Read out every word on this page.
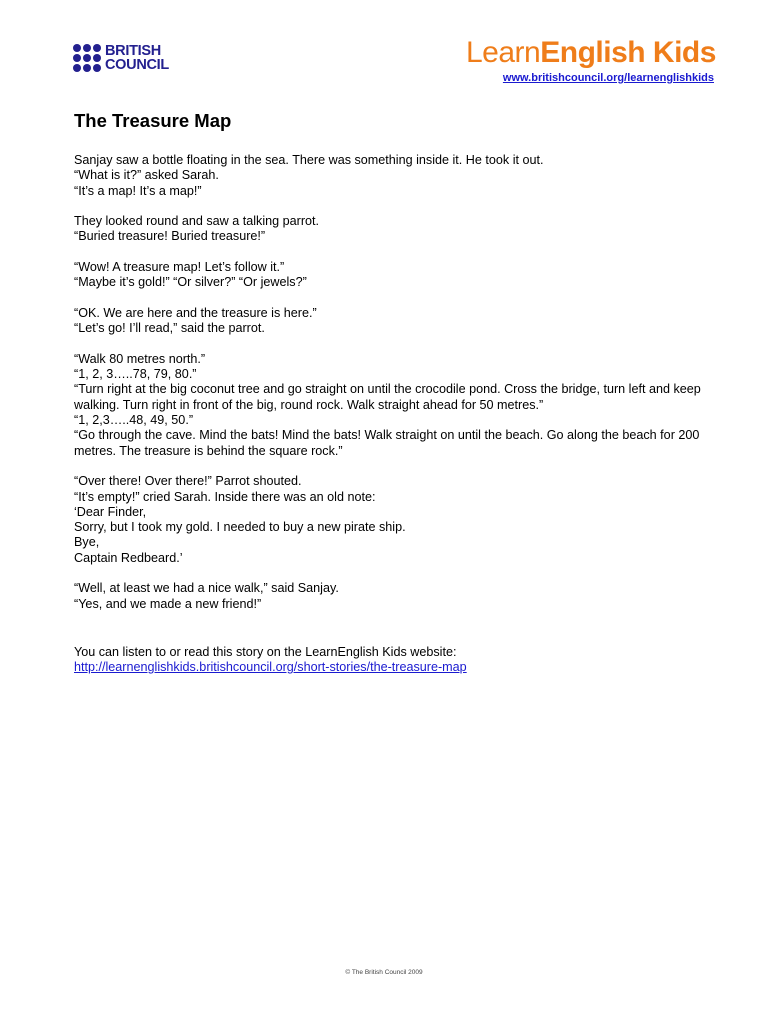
BRITISH
COUNCIL	LearnEnglish Kids
www.britishcouncil.org/learnenglishkids
The Treasure Map

Sanjay saw a bottle floating in the sea. There was something inside it. He took it out.
“What is it?” asked Sarah.
“It’s a map! It’s a map!”

They looked round and saw a talking parrot.
“Buried treasure! Buried treasure!”

“Wow! A treasure map! Let’s follow it.”
“Maybe it’s gold!” “Or silver?” “Or jewels?”

“OK. We are here and the treasure is here.”
“Let’s go! I’ll read,” said the parrot.

“Walk 80 metres north.”
“1, 2, 3…..78, 79, 80.”
“Turn right at the big coconut tree and go straight on until the crocodile pond. Cross the bridge, turn left and keep walking. Turn right in front of the big, round rock. Walk straight ahead for 50 metres.”
“1, 2,3…..48, 49, 50.”
“Go through the cave. Mind the bats! Mind the bats! Walk straight on until the beach. Go along the beach for 200 metres. The treasure is behind the square rock.”

“Over there! Over there!” Parrot shouted.
“It’s empty!” cried Sarah. Inside there was an old note:
‘Dear Finder,
Sorry, but I took my gold. I needed to buy a new pirate ship.
Bye,
Captain Redbeard.’

“Well, at least we had a nice walk,” said Sanjay.
“Yes, and we made a new friend!”

You can listen to or read this story on the LearnEnglish Kids website:
http://learnenglishkids.britishcouncil.org/short-stories/the-treasure-map
© The British Council 2009
